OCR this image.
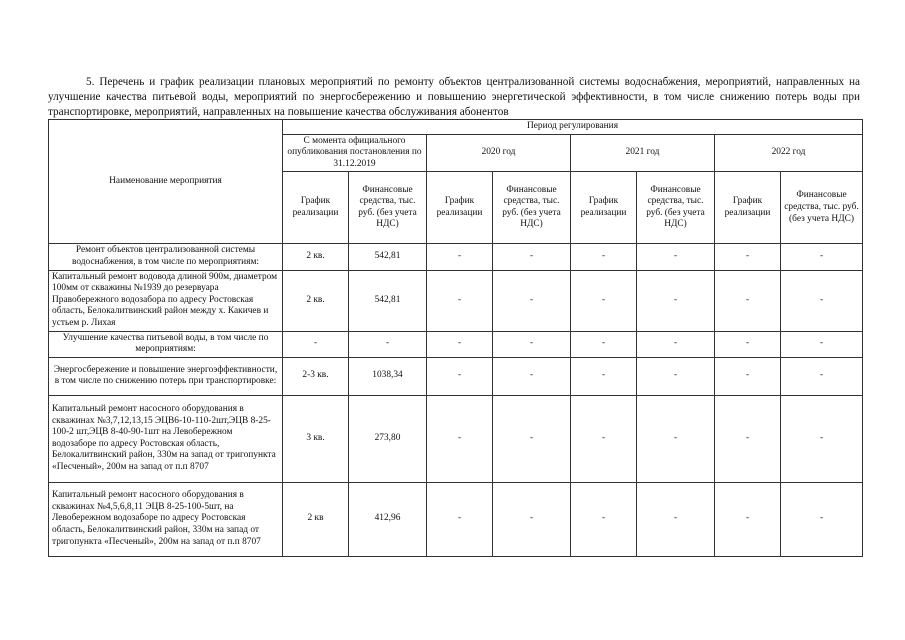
5. Перечень и график реализации плановых мероприятий по ремонту объектов централизованной системы водоснабжения, мероприятий, направленных на улучшение качества питьевой воды, мероприятий по энергосбережению и повышению энергетической эффективности, в том числе снижению потерь воды при транспортировке, мероприятий, направленных на повышение качества обслуживания абонентов

Наименование мероприятия	Период регулирования							
	С момента официального опубликования постановления по 31.12.2019		2020 год		2021 год		2022 год	
	График реализации	Финансовые средства, тыс. руб. (без учета НДС)	График реализации	Финансовые средства, тыс. руб. (без учета НДС)	График реализации	Финансовые средства, тыс. руб. (без учета НДС)	График реализации	Финансовые средства, тыс. руб. (без учета НДС)
Ремонт объектов централизованной системы водоснабжения, в том числе по мероприятиям:	2 кв.	542,81	-	-	-	-	-	-
Капитальный ремонт водовода длиной 900м, диаметром 100мм от скважины №1939 до резервуара Правобережного водозабора по адресу Ростовская область, Белокалитвинский район между х. Какичев и устьем р. Лихая	2 кв.	542,81	-	-	-	-	-	-
Улучшение качества питьевой воды, в том числе по мероприятиям:	-	-	-	-	-	-	-	-
Энергосбережение и повышение энергоэффективности, в том числе по снижению потерь при транспортировке:	2-3 кв.	1038,34	-	-	-	-	-	-
Капитальный ремонт насосного оборудования в скважинах №3,7,12,13,15 ЭЦВ6-10-110-2шт,ЭЦВ 8-25-100-2 шт,ЭЦВ 8-40-90-1шт на Левобережном водозаборе по адресу Ростовская область, Белокалитвинский район, 330м на запад от тригопункта «Песченый», 200м на запад от п.п 8707	3 кв.	273,80	-	-	-	-	-	-
Капитальный ремонт насосного оборудования в скважинах №4,5,6,8,11 ЭЦВ 8-25-100-5шт, на Левобережном водозаборе по адресу Ростовская область, Белокалитвинский район, 330м на запад от тригопункта «Песченый», 200м на запад от п.п 8707	2 кв	412,96	-	-	-	-	-	-
